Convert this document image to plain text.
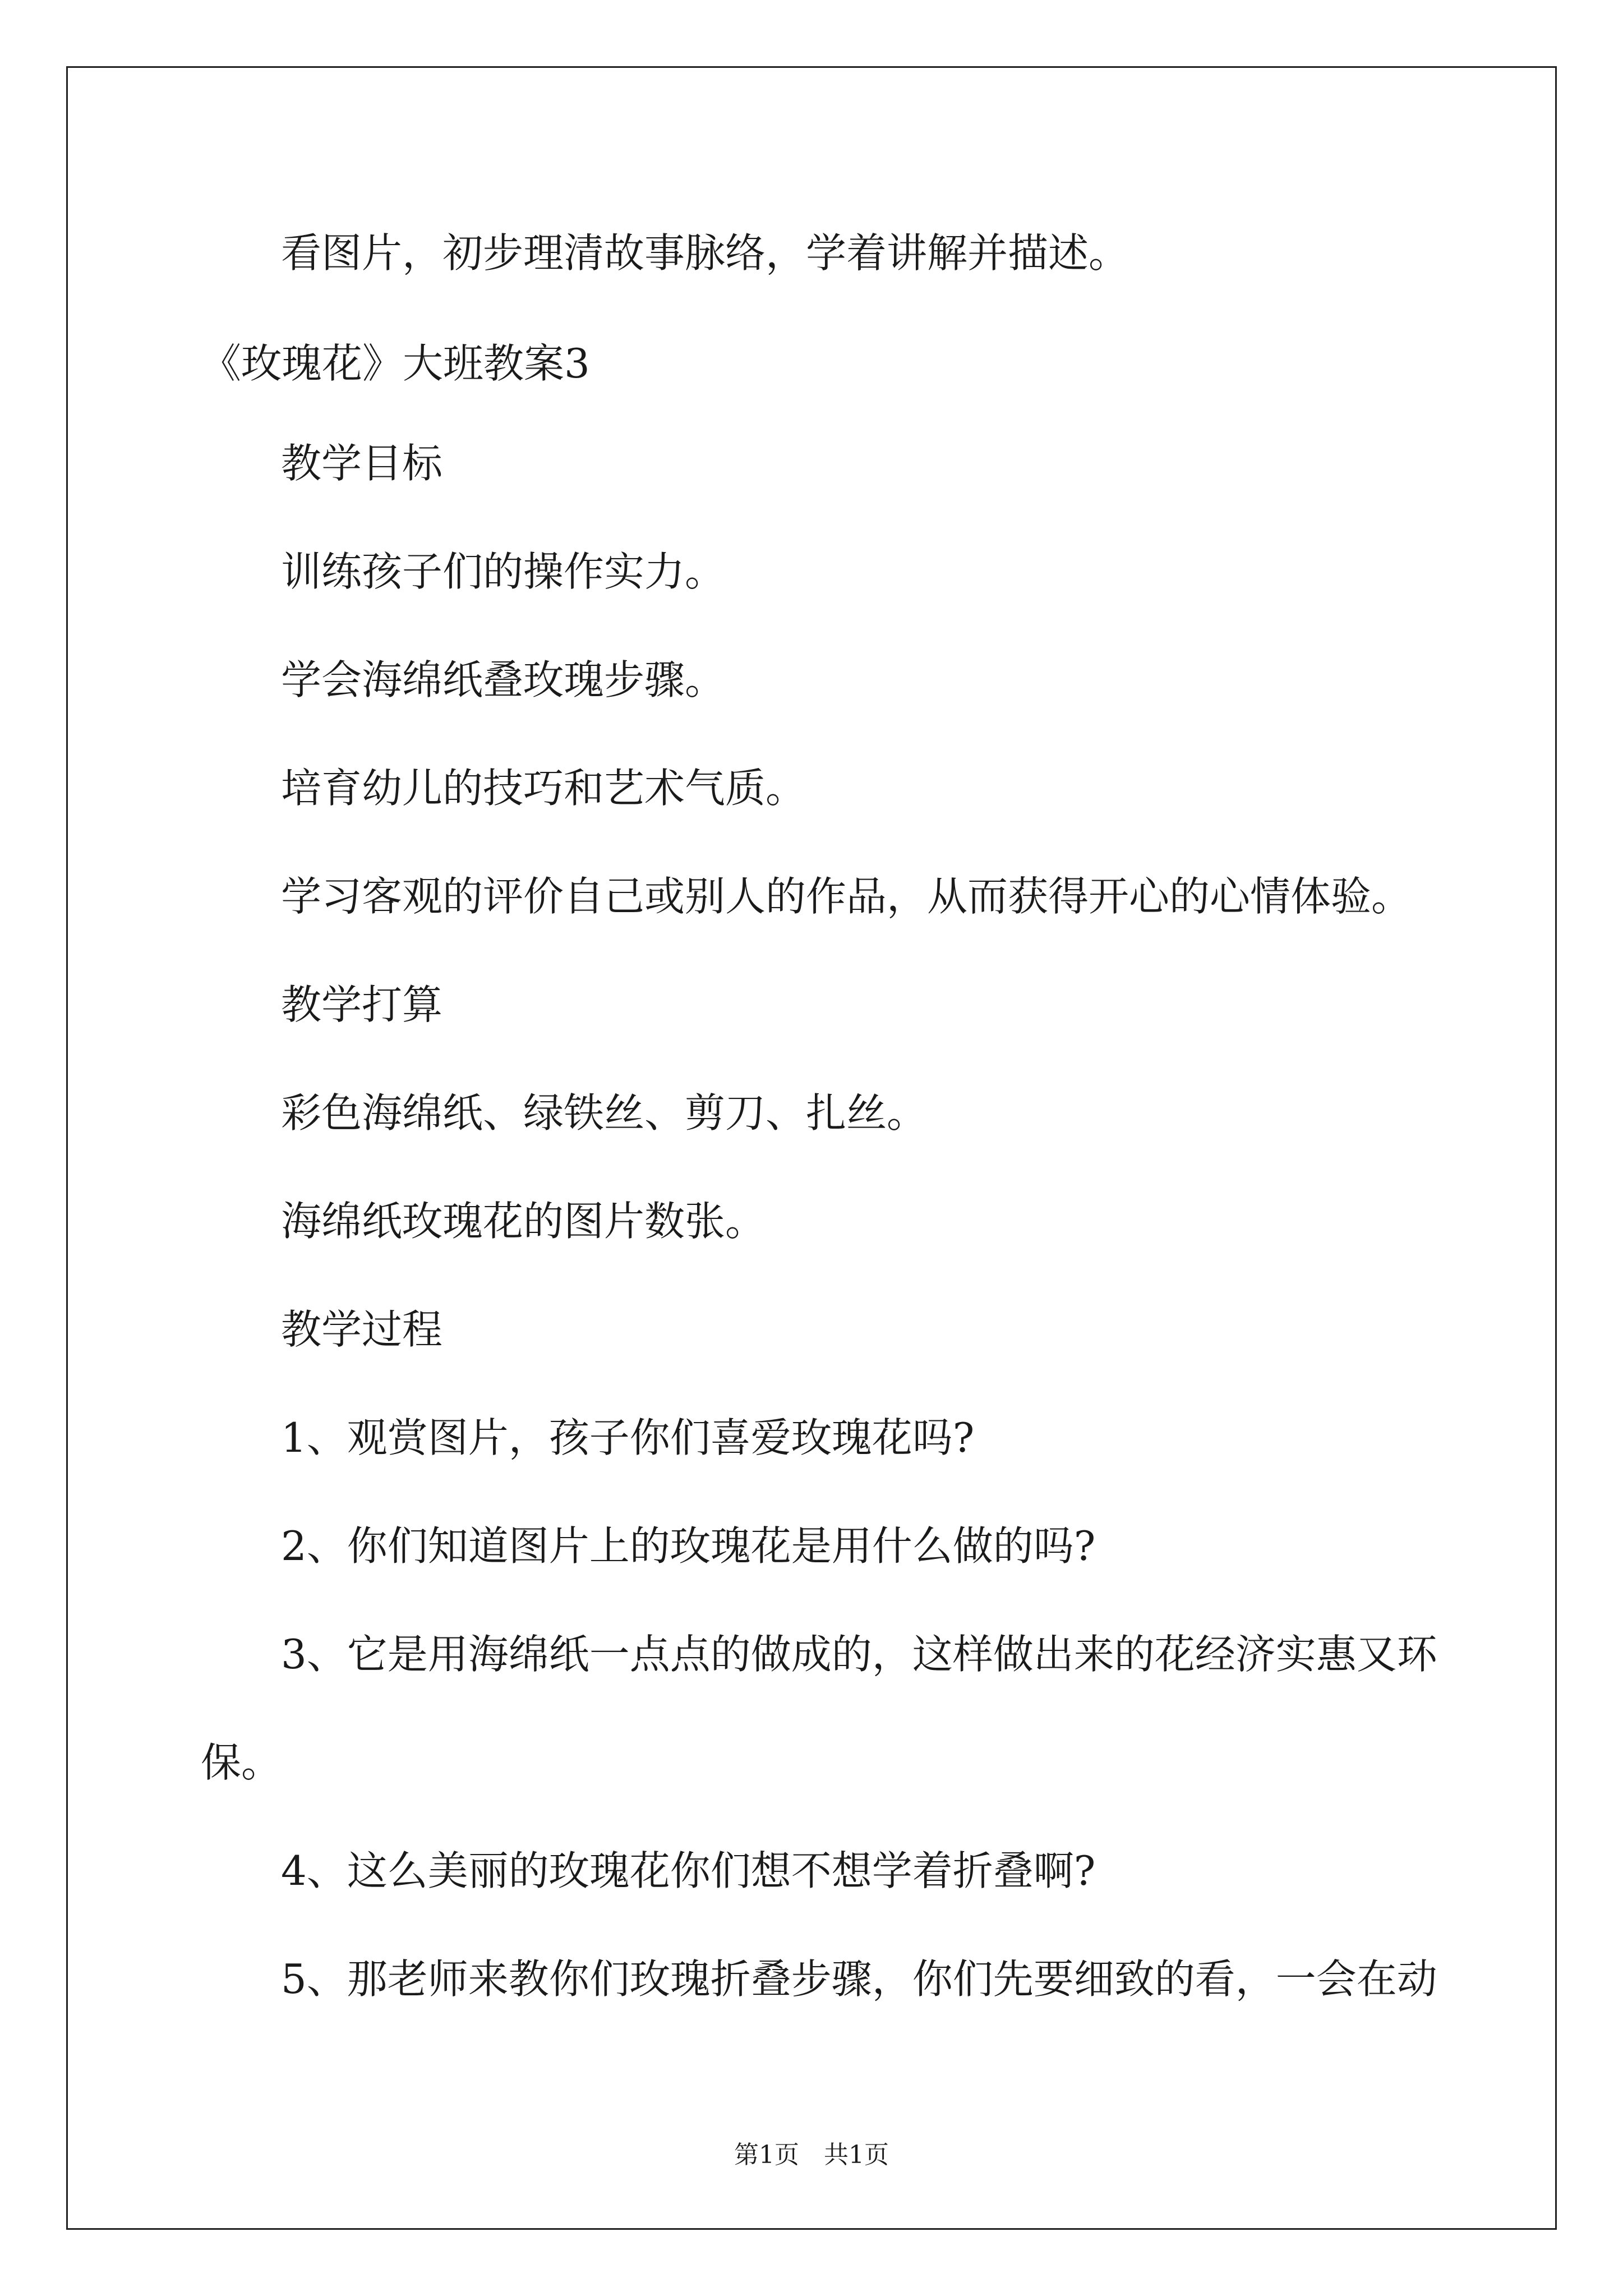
看图片，初步理清故事脉络，学着讲解并描述。
《玫瑰花》大班教案3
教学目标
训练孩子们的操作实力。
学会海绵纸叠玫瑰步骤。
培育幼儿的技巧和艺术气质。
学习客观的评价自己或别人的作品，从而获得开心的心情体验。
教学打算
彩色海绵纸、绿铁丝、剪刀、扎丝。
海绵纸玫瑰花的图片数张。
教学过程
1、观赏图片，孩子你们喜爱玫瑰花吗?
2、你们知道图片上的玫瑰花是用什么做的吗?
3、它是用海绵纸一点点的做成的，这样做出来的花经济实惠又环
保。
4、这么美丽的玫瑰花你们想不想学着折叠啊?
5、那老师来教你们玫瑰折叠步骤，你们先要细致的看，一会在动
第1页　共1页
